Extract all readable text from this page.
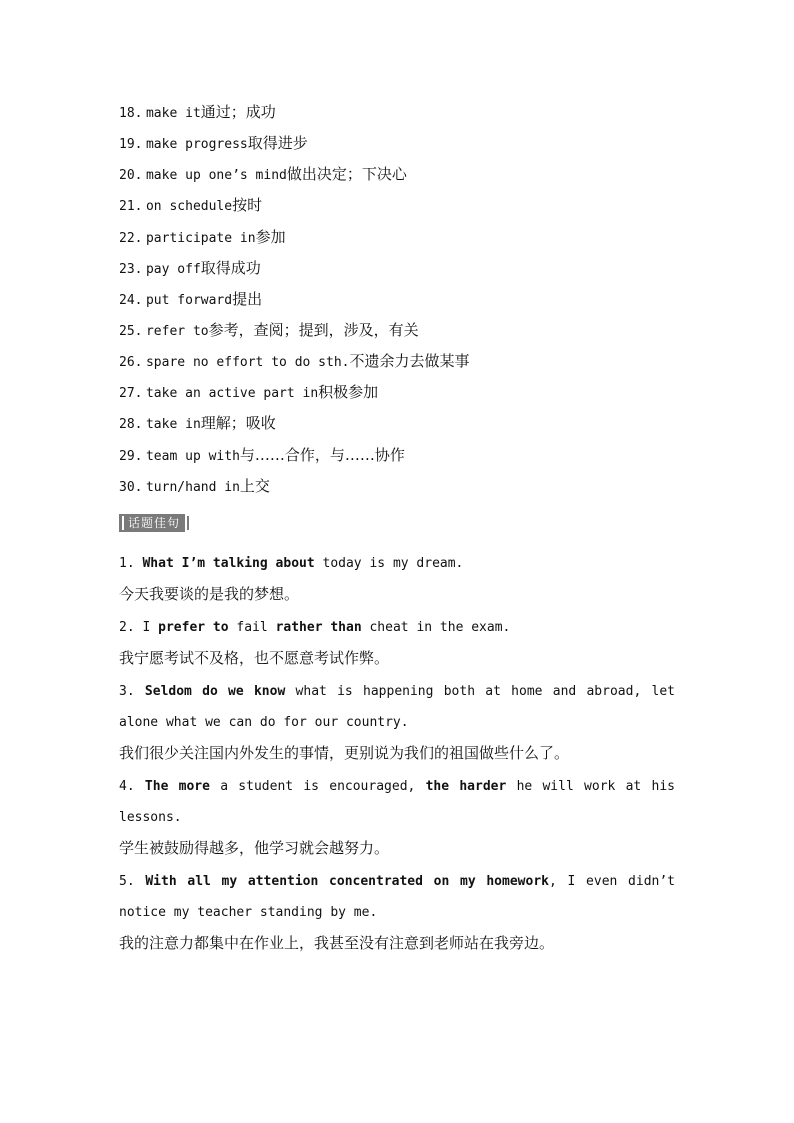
18. make it通过；成功
19. make progress取得进步
20. make up one’s mind做出决定；下决心
21. on schedule按时
22. participate in参加
23. pay off取得成功
24. put forward提出
25. refer to参考，查阅；提到，涉及，有关
26. spare no effort to do sth.不遗余力去做某事
27. take an active part in积极参加
28. take in理解；吸收
29. team up with与……合作，与……协作
30. turn/hand in上交
话题佳句

1. What I’m talking about today is my dream.

今天我要谈的是我的梦想。

2. I prefer to fail rather than cheat in the exam.

我宁愿考试不及格，也不愿意考试作弊。

3. Seldom do we know what is happening both at home and abroad, let alone what we can do for our country.

我们很少关注国内外发生的事情，更别说为我们的祖国做些什么了。

4. The more a student is encouraged, the harder he will work at his lessons.

学生被鼓励得越多，他学习就会越努力。

5. With all my attention concentrated on my homework, I even didn’t notice my teacher standing by me.

我的注意力都集中在作业上，我甚至没有注意到老师站在我旁边。
